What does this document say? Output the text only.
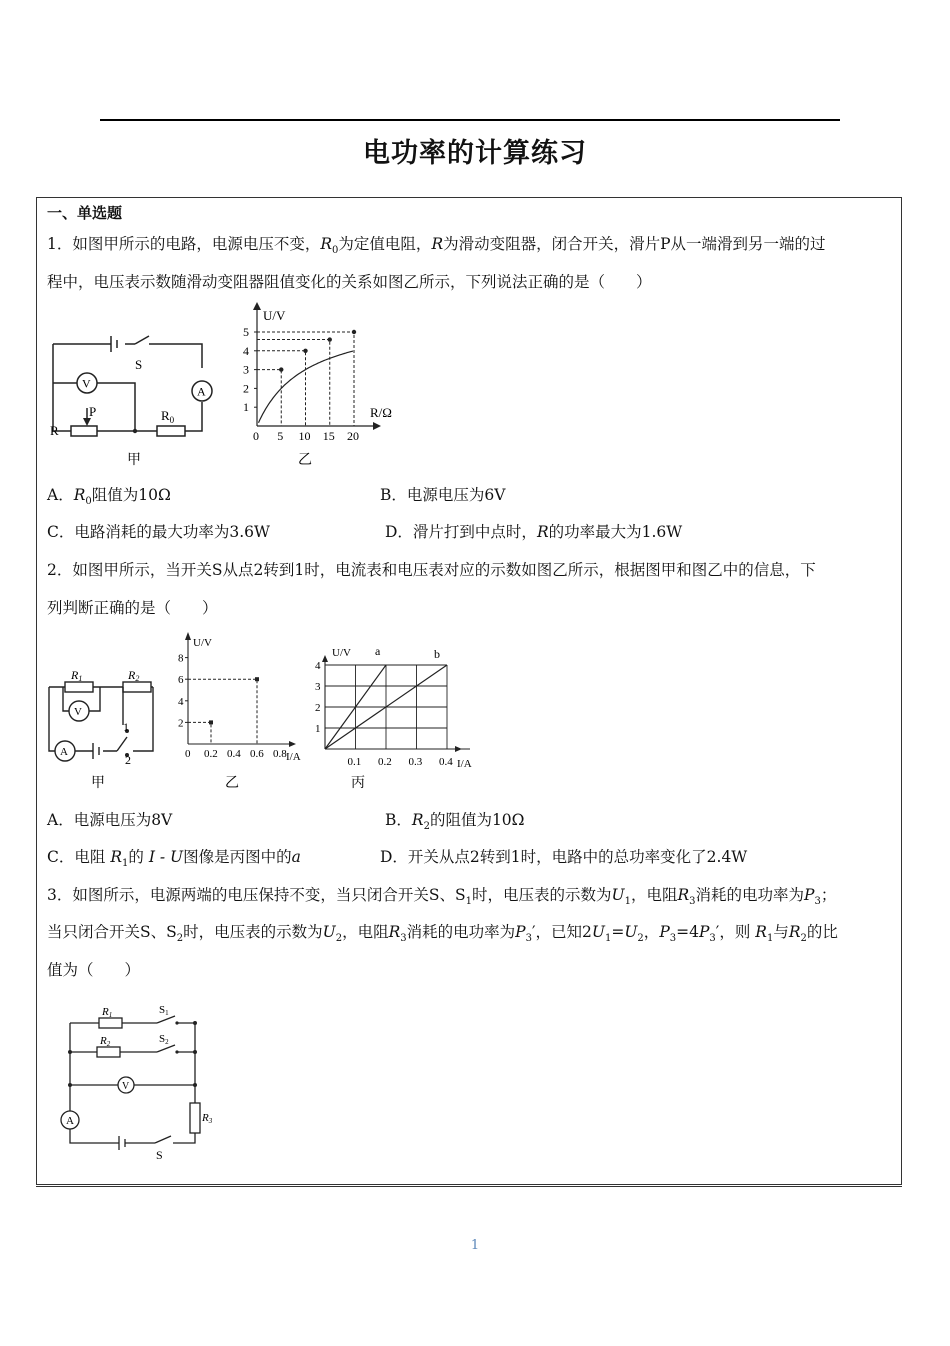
电功率的计算练习
一、单选题
1．如图甲所示的电路，电源电压不变，$R_0$为定值电阻，R为滑动变阻器，闭合开关，滑片P从一端滑到另一端的过
程中，电压表示数随滑动变阻器阻值变化的关系如图乙所示，下列说法正确的是（　　）
V
A
S
P
R
$R_0$
甲
1
2
3
4
5
0 5 10 15 20
U/V
R/Ω
乙
A．$R_0$阻值为10Ω	B．电源电压为6V
C．电路消耗的最大功率为3.6W	D．滑片打到中点时，R的功率最大为1.6W
2．如图甲所示，当开关S从点2转到1时，电流表和电压表对应的示数如图乙所示，根据图甲和图乙中的信息，下
列判断正确的是（　　）
R1	R2
V
A
1
2
甲
2
4
6
8
0 0.2 0.4 0.6 0.8
U/V
I/A
乙
1
2
3
4
0.1 0.2 0.3 0.4
U/V
I/A
a	b
丙
A．电源电压为8V	B．$R_2$的阻值为10Ω
C．电阻 $R_1$的 I - U图像是丙图中的a	D．开关从点2转到1时，电路中的总功率变化了2.4W
3．如图所示，电源两端的电压保持不变，当只闭合开关S、$S_1$时，电压表的示数为$U_1$，电阻$R_3$消耗的电功率为$P_3$；
当只闭合开关S、$S_2$时，电压表的示数为$U_2$，电阻$R_3$消耗的电功率为$P_3'$，已知$2U_1=U_2$，$P_3=4P_3'$，则 $R_1$与$R_2$的比
值为（　　）
R1	S1
R2	S2
V
A	R3
S
1
